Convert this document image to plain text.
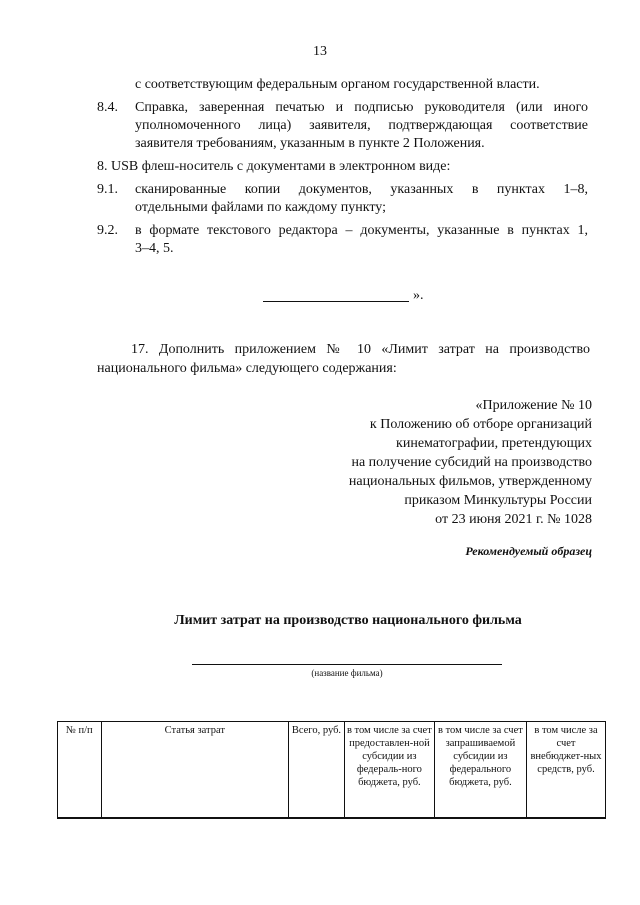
13
с соответствующим федеральным органом государственной власти.
8.4. Справка, заверенная печатью и подписью руководителя (или иного
уполномоченного лица) заявителя, подтверждающая соответствие
заявителя требованиям, указанным в пункте 2 Положения.
8. USB флеш-носитель с документами в электронном виде:
9.1. сканированные копии документов, указанных в пунктах 1–8,
отдельными файлами по каждому пункту;
9.2. в формате текстового редактора – документы, указанные в пунктах 1,
3–4, 5.
».
17. Дополнить приложением № 10 «Лимит затрат на производство
национального фильма» следующего содержания:
«Приложение № 10
к Положению об отборе организаций
кинематографии, претендующих
на получение субсидий на производство
национальных фильмов, утвержденному
приказом Минкультуры России
от 23 июня 2021 г. № 1028
Рекомендуемый образец
Лимит затрат на производство национального фильма
(название фильма)
№ п/п	Статья затрат	Всего, руб.	в том числе за счет предоставлен-ной субсидии из федераль-ного бюджета, руб.	в том числе за счет запрашиваемой субсидии из федерального бюджета, руб.	в том числе за счет внебюджет-ных средств, руб.
